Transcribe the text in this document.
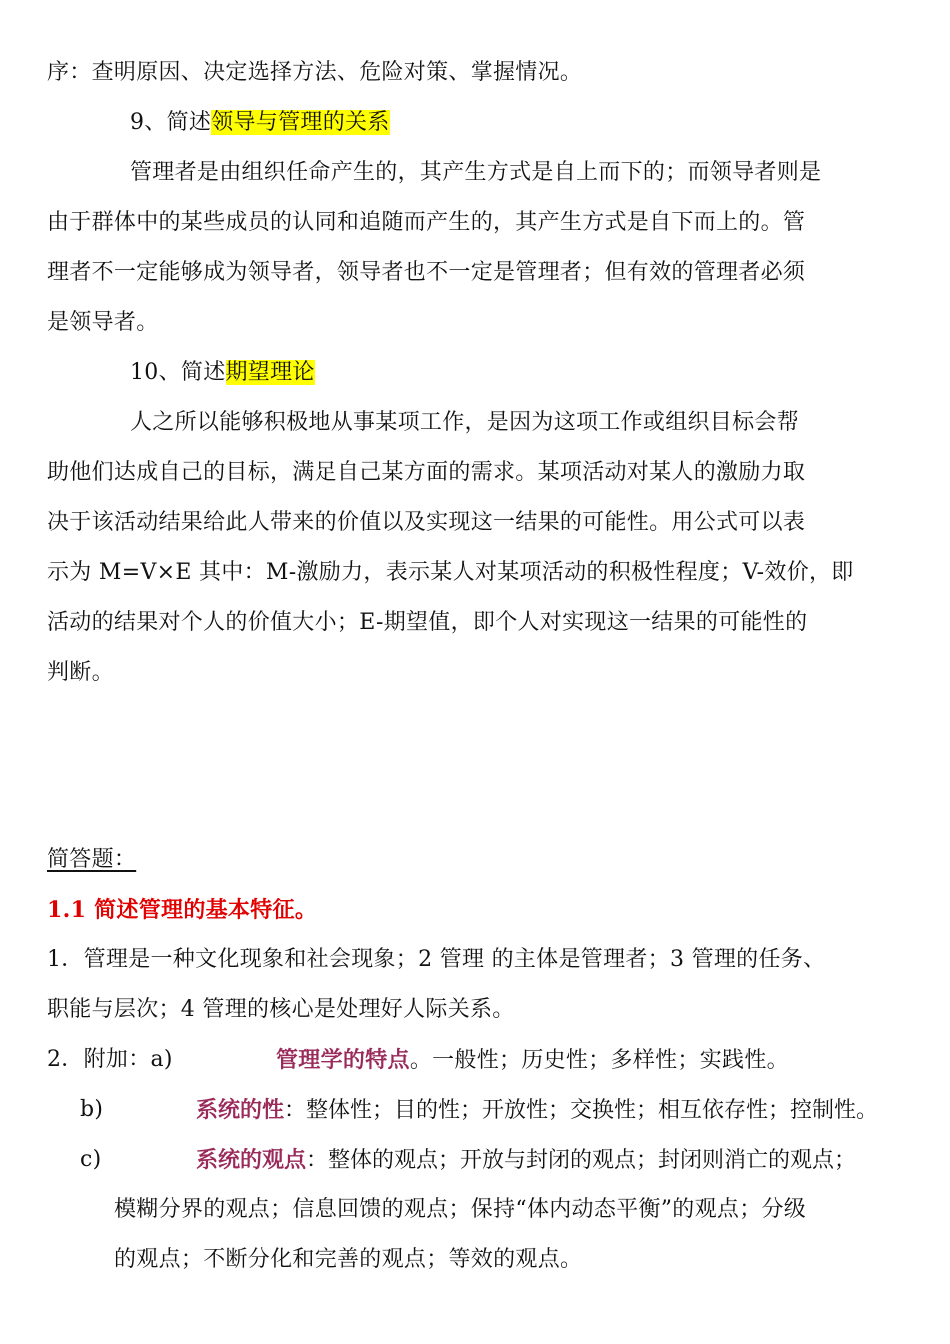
序：查明原因、决定选择方法、危险对策、掌握情况。
9、简述领导与管理的关系
管理者是由组织任命产生的，其产生方式是自上而下的；而领导者则是
由于群体中的某些成员的认同和追随而产生的，其产生方式是自下而上的。管
理者不一定能够成为领导者，领导者也不一定是管理者；但有效的管理者必须
是领导者。
10、简述期望理论
人之所以能够积极地从事某项工作，是因为这项工作或组织目标会帮
助他们达成自己的目标，满足自己某方面的需求。某项活动对某人的激励力取
决于该活动结果给此人带来的价值以及实现这一结果的可能性。用公式可以表
示为 M=V×E 其中：M-激励力，表示某人对某项活动的积极性程度；V-效价，即
活动的结果对个人的价值大小；E-期望值，即个人对实现这一结果的可能性的
判断。
简答题：
1.1 简述管理的基本特征。
1．管理是一种文化现象和社会现象；2 管理 的主体是管理者；3 管理的任务、
职能与层次；4 管理的核心是处理好人际关系。
2．附加：a)	管理学的特点。一般性；历史性；多样性；实践性。
b)	系统的性：整体性；目的性；开放性；交换性；相互依存性；控制性。
c)	系统的观点：整体的观点；开放与封闭的观点；封闭则消亡的观点；
模糊分界的观点；信息回馈的观点；保持“体内动态平衡”的观点；分级
的观点；不断分化和完善的观点；等效的观点。
